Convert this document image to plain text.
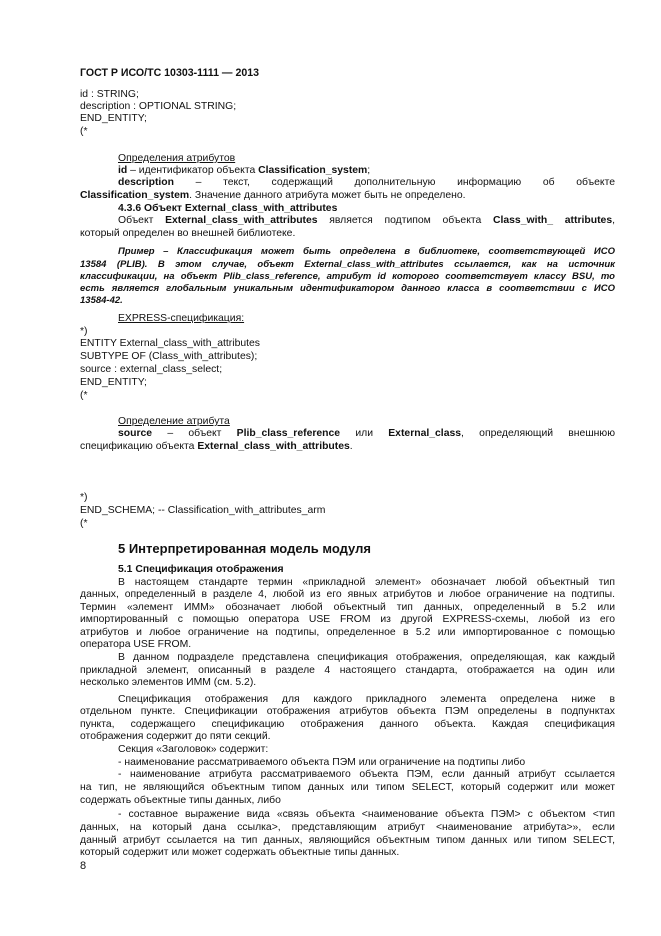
ГОСТ Р ИСО/ТС 10303-1111 — 2013
id : STRING;
description : OPTIONAL STRING;
END_ENTITY;
(*
Определения атрибутов
id – идентификатор объекта Classification_system;
description – текст, содержащий дополнительную информацию об объекте
Classification_system. Значение данного атрибута может быть не определено.
4.3.6 Объект External_class_with_attributes
Объект External_class_with_attributes является подтипом объекта Class_with_ attributes,
который определен во внешней библиотеке.
Пример – Классификация может быть определена в библиотеке, соответствующей ИСО
13584 (PLIB). В этом случае, объект External_class_with_attributes ссылается, как на источник
классификации, на объект Plib_class_reference, атрибут id которого соответствует классу BSU, то
есть является глобальным уникальным идентификатором данного класса в соответствии с ИСО
13584-42.
EXPRESS-спецификация:
*)
ENTITY External_class_with_attributes
SUBTYPE OF (Class_with_attributes);
source : external_class_select;
END_ENTITY;
(*
Определение атрибута
source – объект Plib_class_reference или External_class, определяющий внешнюю
спецификацию объекта External_class_with_attributes.
*)
END_SCHEMA; -- Classification_with_attributes_arm
(*
5 Интерпретированная модель модуля
5.1 Спецификация отображения
В настоящем стандарте термин «прикладной элемент» обозначает любой объектный тип
данных, определенный в разделе 4, любой из его явных атрибутов и любое ограничение на подтипы.
Термин «элемент ИММ» обозначает любой объектный тип данных, определенный в 5.2 или
импортированный с помощью оператора USE FROM из другой EXPRESS-схемы, любой из его
атрибутов и любое ограничение на подтипы, определенное в 5.2 или импортированное с помощью
оператора USE FROM.
В данном подразделе представлена спецификация отображения, определяющая, как каждый
прикладной элемент, описанный в разделе 4 настоящего стандарта, отображается на один или
несколько элементов ИММ (см. 5.2).
Спецификация отображения для каждого прикладного элемента определена ниже в
отдельном пункте. Спецификации отображения атрибутов объекта ПЭМ определены в подпунктах
пункта, содержащего спецификацию отображения данного объекта. Каждая спецификация
отображения содержит до пяти секций.
Секция «Заголовок» содержит:
- наименование рассматриваемого объекта ПЭМ или ограничение на подтипы либо
- наименование атрибута рассматриваемого объекта ПЭМ, если данный атрибут ссылается
на тип, не являющийся объектным типом данных или типом SELECT, который содержит или может
содержать объектные типы данных, либо
- составное выражение вида «связь объекта <наименование объекта ПЭМ> с объектом <тип
данных, на который дана ссылка>, представляющим атрибут <наименование атрибута>», если
данный атрибут ссылается на тип данных, являющийся объектным типом данных или типом SELECT,
который содержит или может содержать объектные типы данных.
8
